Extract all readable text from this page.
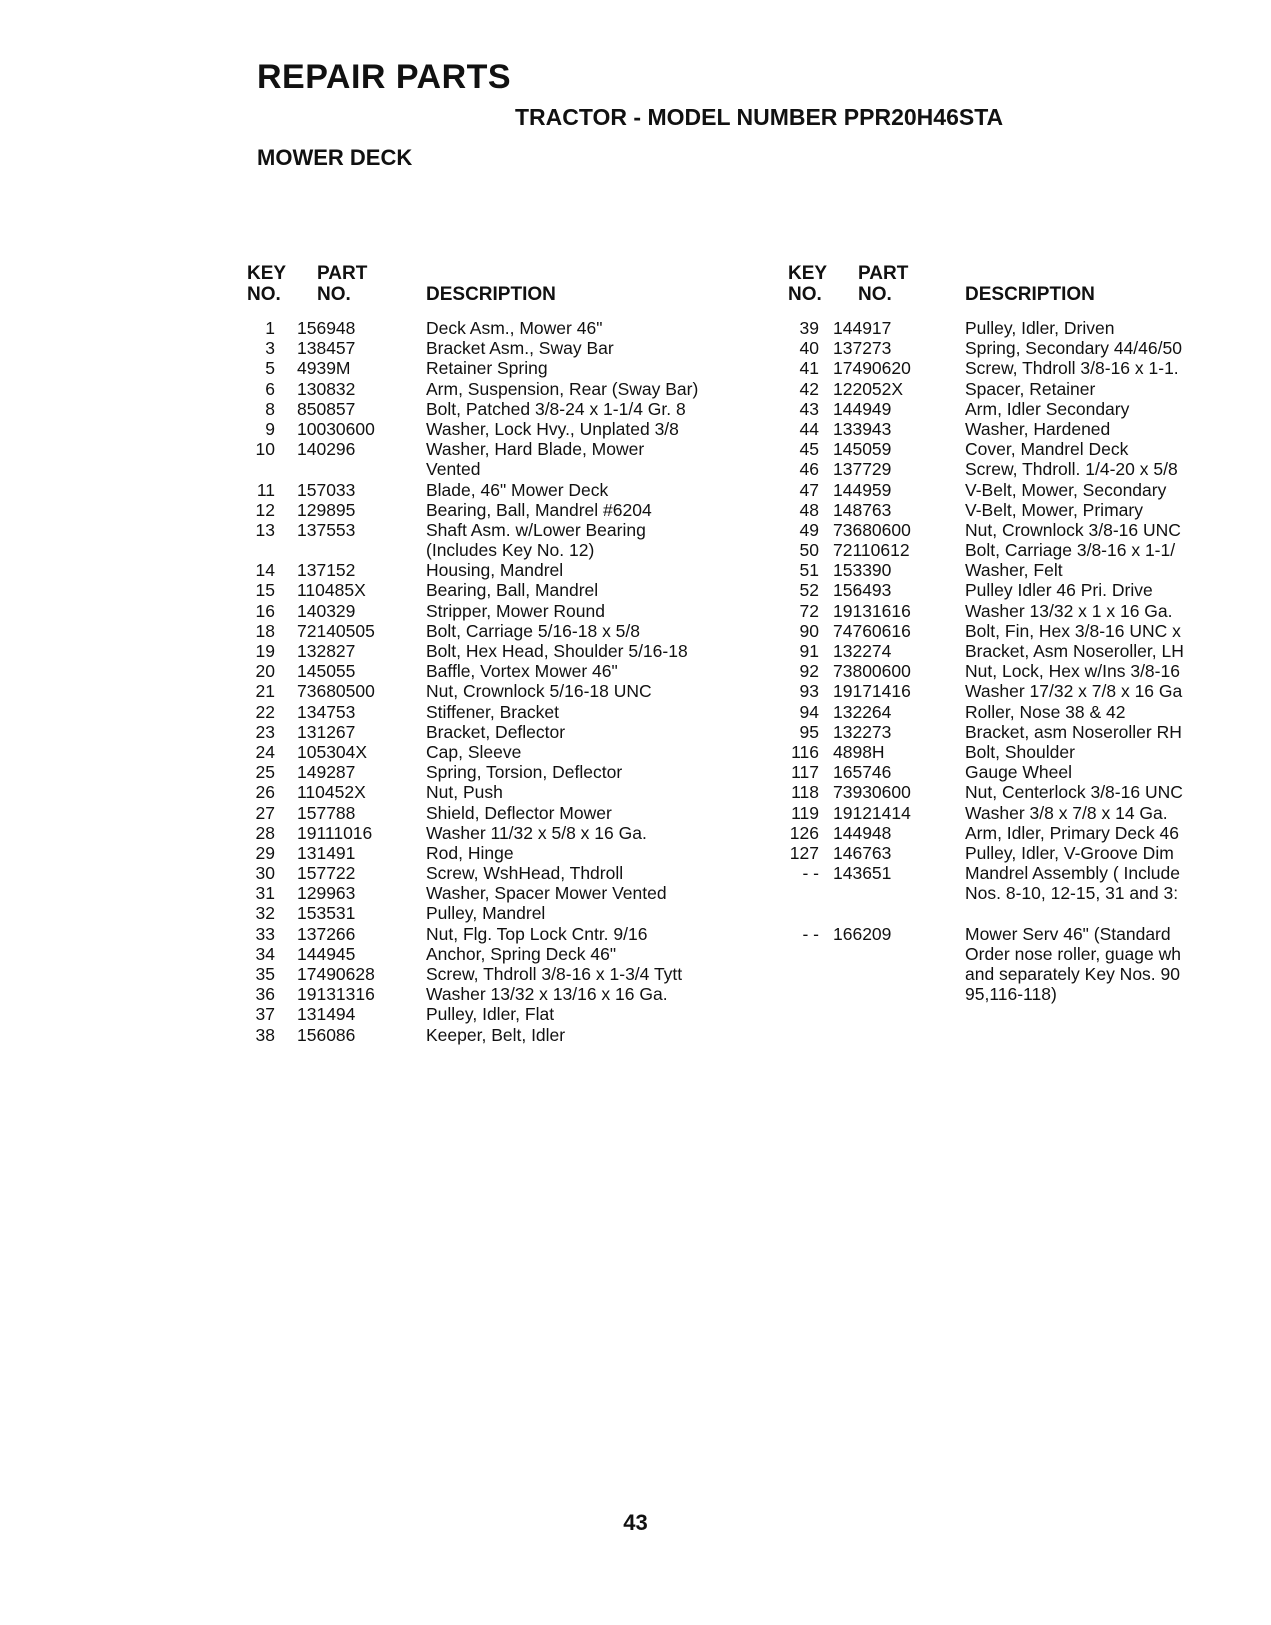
REPAIR PARTS
TRACTOR - MODEL NUMBER PPR20H46STA
MOWER DECK
KEY
NO.
PART
NO.	DESCRIPTION
1 156948	Deck Asm., Mower 46"
3 138457	Bracket Asm., Sway Bar
5 4939M	Retainer Spring
6 130832	Arm, Suspension, Rear (Sway Bar)
8 850857	Bolt, Patched 3/8-24 x 1-1/4 Gr. 8
9 10030600	Washer, Lock Hvy., Unplated 3/8
10 140296	Washer, Hard Blade, Mower
Vented
11 157033	Blade, 46" Mower Deck
12 129895	Bearing, Ball, Mandrel #6204
13 137553	Shaft Asm. w/Lower Bearing
(Includes Key No. 12)
14 137152	Housing, Mandrel
15 110485X	Bearing, Ball, Mandrel
16 140329	Stripper, Mower Round
18 72140505	Bolt, Carriage 5/16-18 x 5/8
19 132827	Bolt, Hex Head, Shoulder 5/16-18
20 145055	Baffle, Vortex Mower 46"
21 73680500	Nut, Crownlock 5/16-18 UNC
22 134753	Stiffener, Bracket
23 131267	Bracket, Deflector
24 105304X	Cap, Sleeve
25 149287	Spring, Torsion, Deflector
26 110452X	Nut, Push
27 157788	Shield, Deflector Mower
28 19111016	Washer 11/32 x 5/8 x 16 Ga.
29 131491	Rod, Hinge
30 157722	Screw, WshHead, Thdroll
31 129963	Washer, Spacer Mower Vented
32 153531	Pulley, Mandrel
33 137266	Nut, Flg. Top Lock Cntr. 9/16
34 144945	Anchor, Spring Deck 46"
35 17490628	Screw, Thdroll 3/8-16 x 1-3/4 Tytt
36 19131316	Washer 13/32 x 13/16 x 16 Ga.
37 131494	Pulley, Idler, Flat
38 156086	Keeper, Belt, Idler
KEY
NO.
PART
NO.	DESCRIPTION
39 144917	Pulley, Idler, Driven
40 137273	Spring, Secondary 44/46/50
41 17490620	Screw, Thdroll 3/8-16 x 1-1.
42 122052X	Spacer, Retainer
43 144949	Arm, Idler Secondary
44 133943	Washer, Hardened
45 145059	Cover, Mandrel Deck
46 137729	Screw, Thdroll. 1/4-20 x 5/8
47 144959	V-Belt, Mower, Secondary
48 148763	V-Belt, Mower, Primary
49 73680600	Nut, Crownlock 3/8-16 UNC
50 72110612	Bolt, Carriage 3/8-16 x 1-1/
51 153390	Washer, Felt
52 156493	Pulley Idler 46 Pri. Drive
72 19131616	Washer 13/32 x 1 x 16 Ga.
90 74760616	Bolt, Fin, Hex 3/8-16 UNC x
91 132274	Bracket, Asm Noseroller, LH
92 73800600	Nut, Lock, Hex w/Ins 3/8-16
93 19171416	Washer 17/32 x 7/8 x 16 Ga
94 132264	Roller, Nose 38 & 42
95 132273	Bracket, asm Noseroller RH
116 4898H	Bolt, Shoulder
117 165746	Gauge Wheel
118 73930600	Nut, Centerlock 3/8-16 UNC
119 19121414	Washer 3/8 x 7/8 x 14 Ga.
126 144948	Arm, Idler, Primary Deck 46
127 146763	Pulley, Idler, V-Groove Dim
- - 143651	Mandrel Assembly ( Include
Nos. 8-10, 12-15, 31 and 3:
- - 166209	Mower Serv 46" (Standard
Order nose roller, guage wh
and separately Key Nos. 90
95,116-118)
43
